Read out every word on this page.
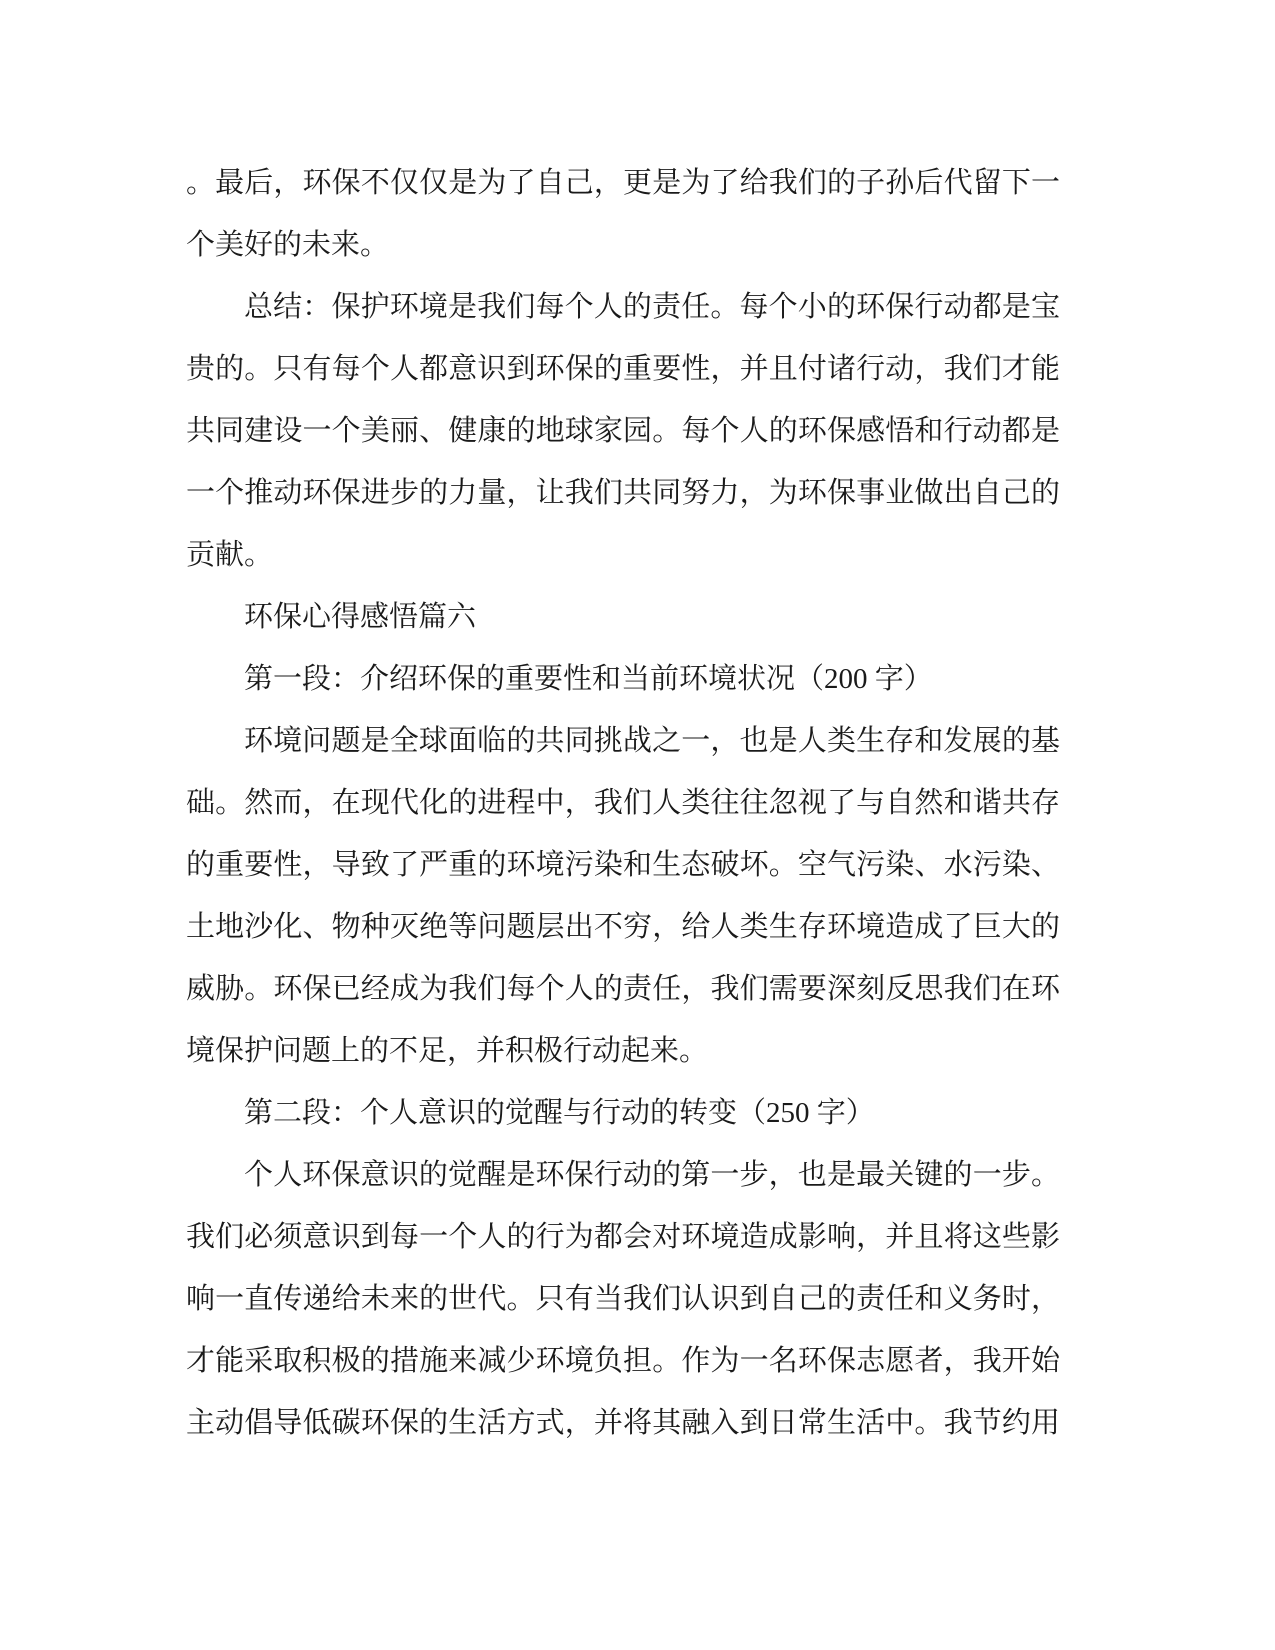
。最后，环保不仅仅是为了自己，更是为了给我们的子孙后代留下一
个美好的未来。
总结：保护环境是我们每个人的责任。每个小的环保行动都是宝
贵的。只有每个人都意识到环保的重要性，并且付诸行动，我们才能
共同建设一个美丽、健康的地球家园。每个人的环保感悟和行动都是
一个推动环保进步的力量，让我们共同努力，为环保事业做出自己的
贡献。
环保心得感悟篇六
第一段：介绍环保的重要性和当前环境状况（200 字）
环境问题是全球面临的共同挑战之一，也是人类生存和发展的基
础。然而，在现代化的进程中，我们人类往往忽视了与自然和谐共存
的重要性，导致了严重的环境污染和生态破坏。空气污染、水污染、
土地沙化、物种灭绝等问题层出不穷，给人类生存环境造成了巨大的
威胁。环保已经成为我们每个人的责任，我们需要深刻反思我们在环
境保护问题上的不足，并积极行动起来。
第二段：个人意识的觉醒与行动的转变（250 字）
个人环保意识的觉醒是环保行动的第一步，也是最关键的一步。
我们必须意识到每一个人的行为都会对环境造成影响，并且将这些影
响一直传递给未来的世代。只有当我们认识到自己的责任和义务时，
才能采取积极的措施来减少环境负担。作为一名环保志愿者，我开始
主动倡导低碳环保的生活方式，并将其融入到日常生活中。我节约用
